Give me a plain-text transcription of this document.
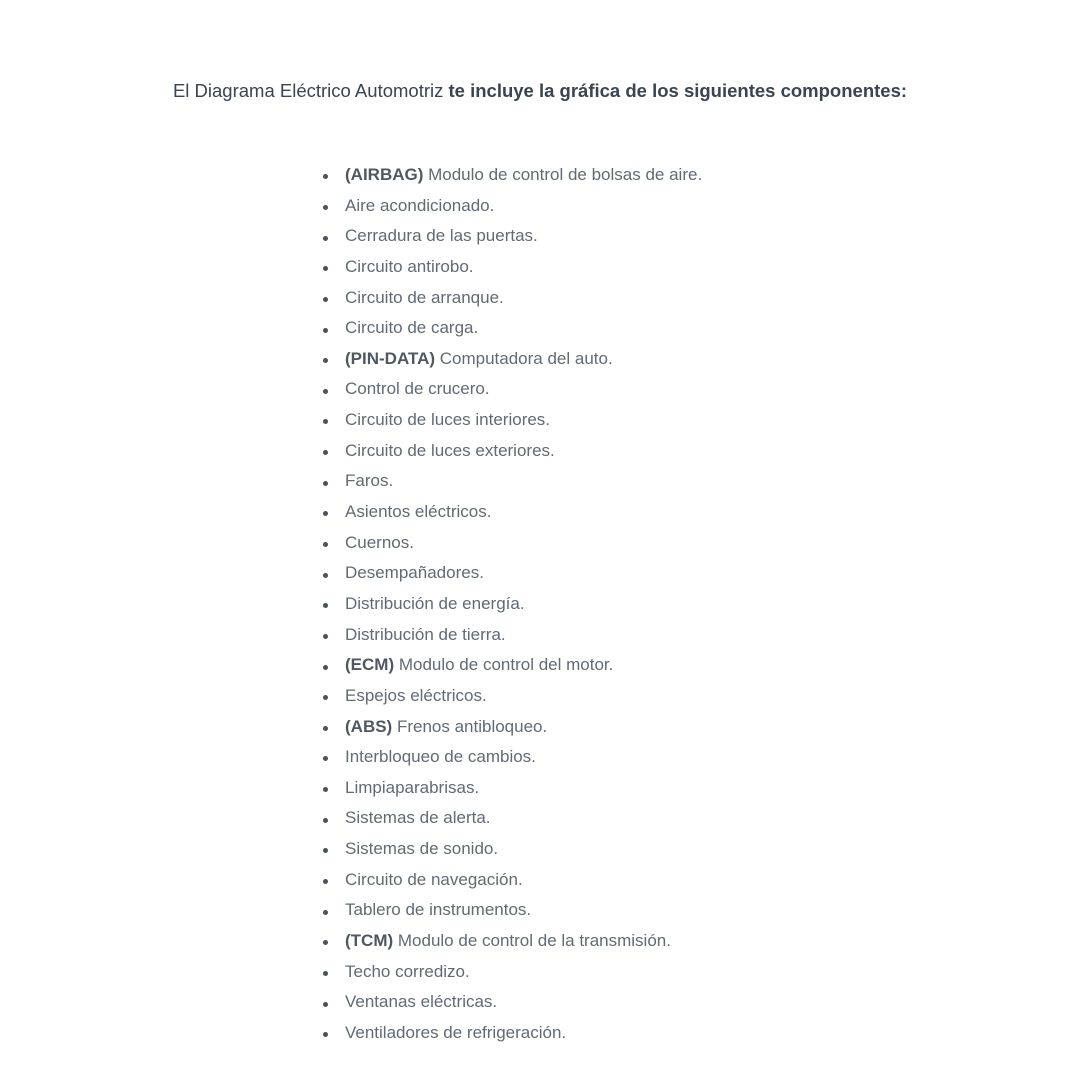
El Diagrama Eléctrico Automotriz te incluye la gráfica de los siguientes componentes:
(AIRBAG) Modulo de control de bolsas de aire.
Aire acondicionado.
Cerradura de las puertas.
Circuito antirobo.
Circuito de arranque.
Circuito de carga.
(PIN-DATA) Computadora del auto.
Control de crucero.
Circuito de luces interiores.
Circuito de luces exteriores.
Faros.
Asientos eléctricos.
Cuernos.
Desempañadores.
Distribución de energía.
Distribución de tierra.
(ECM) Modulo de control del motor.
Espejos eléctricos.
(ABS) Frenos antibloqueo.
Interbloqueo de cambios.
Limpiaparabrisas.
Sistemas de alerta.
Sistemas de sonido.
Circuito de navegación.
Tablero de instrumentos.
(TCM) Modulo de control de la transmisión.
Techo corredizo.
Ventanas eléctricas.
Ventiladores de refrigeración.
